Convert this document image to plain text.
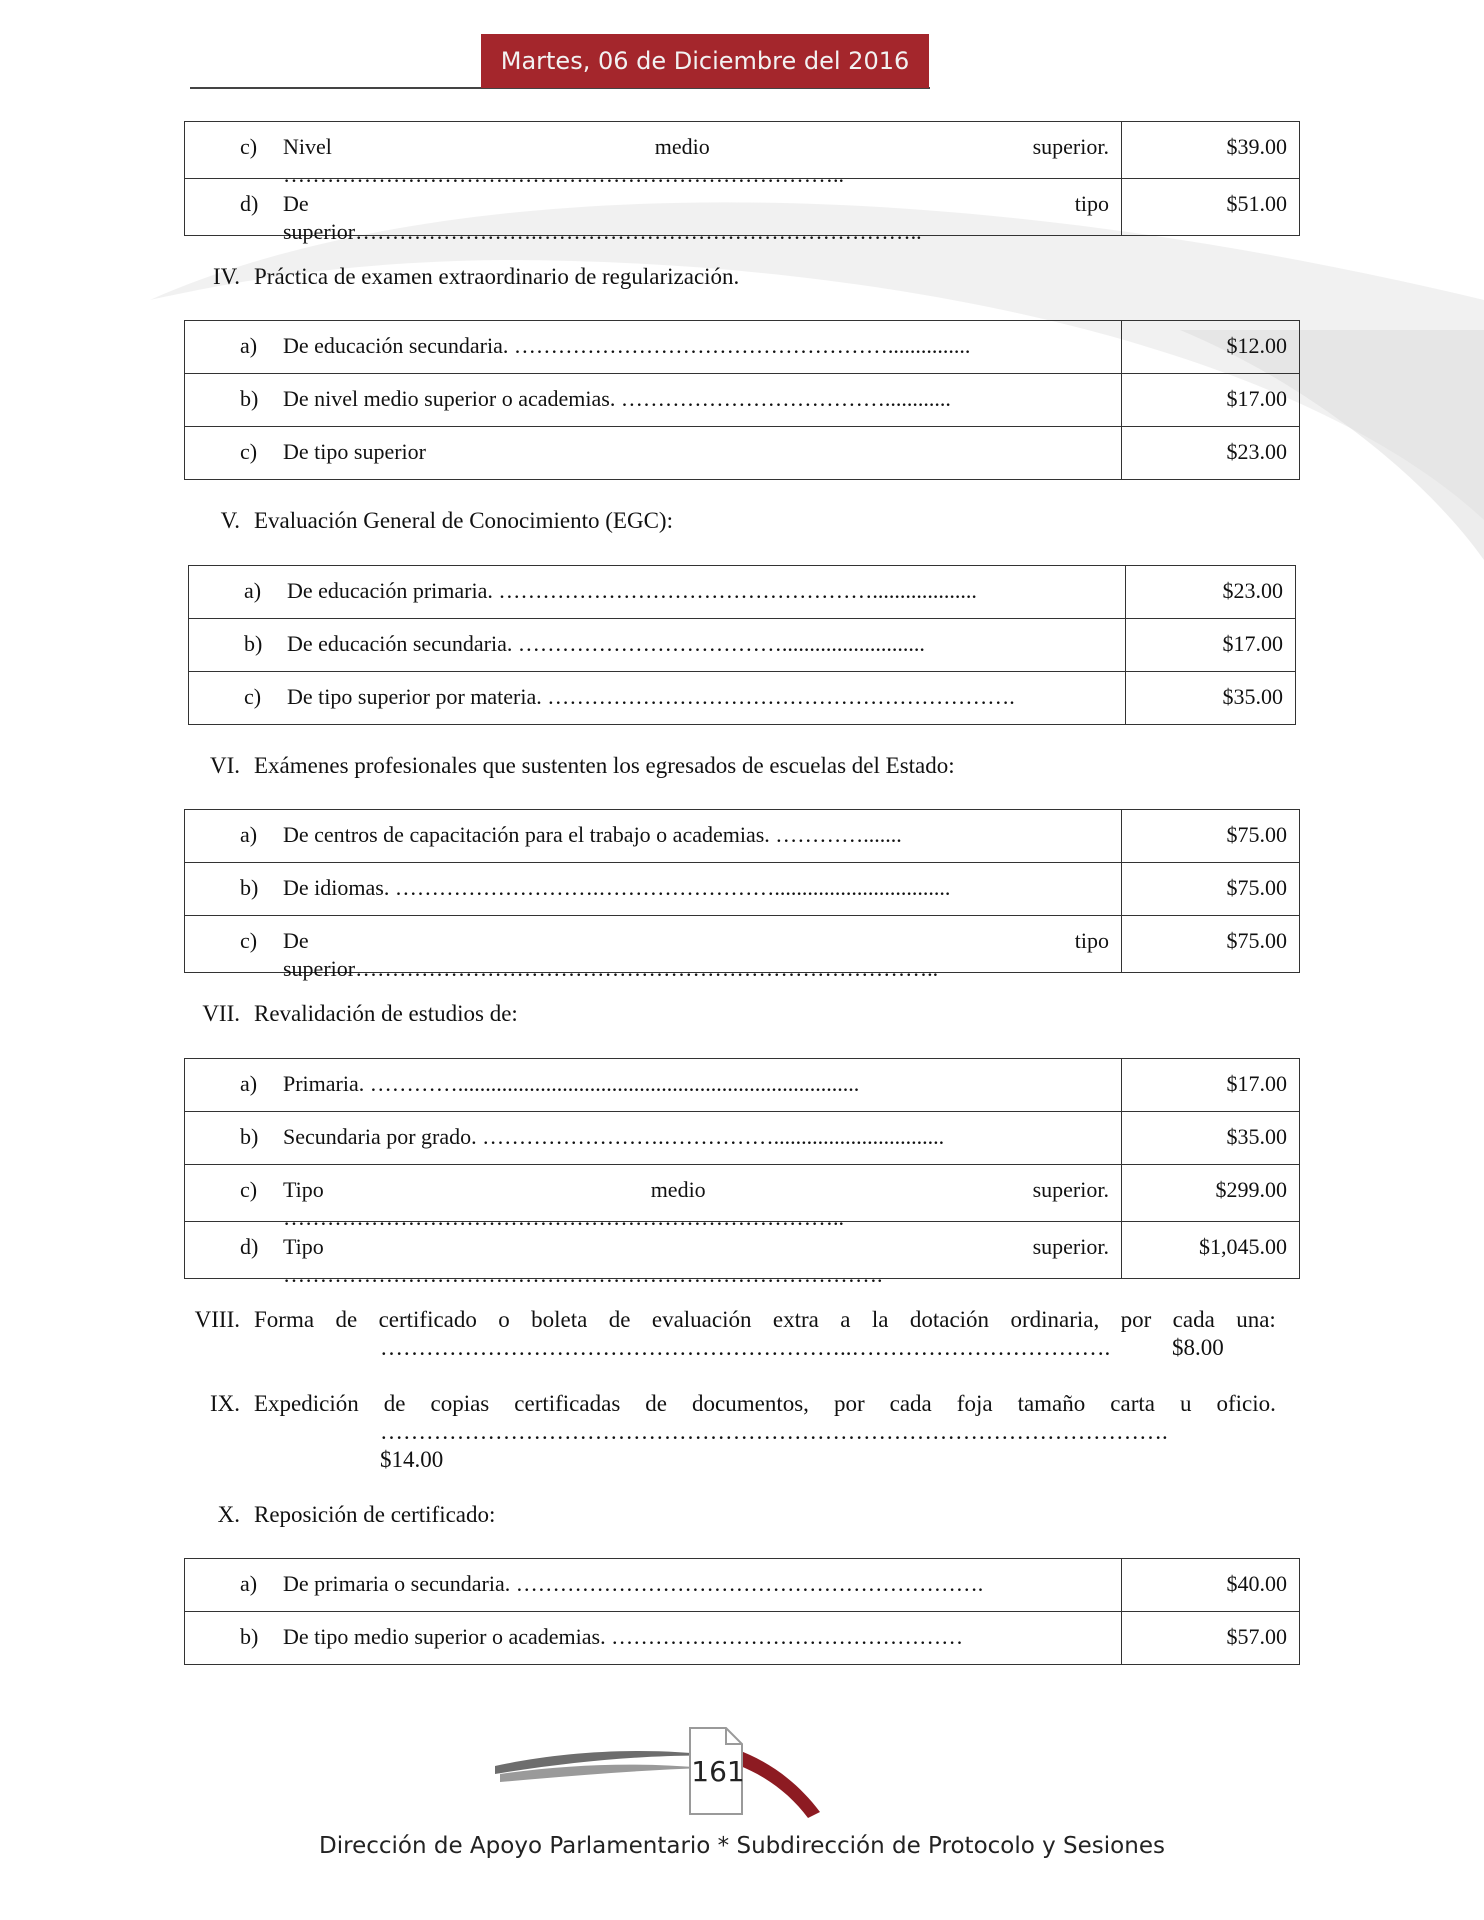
Martes, 06 de Diciembre del 2016
c) Nivel medio superior.
…………………………………………………………………..	$39.00

d) De tipo
superior…………………….……………………………………………..	$51.00
IV. Práctica de examen extraordinario de regularización.
a) De educación secundaria. ……………………………………………...............	$12.00

b) De nivel medio superior o academias. ………………………………............	$17.00

c) De tipo superior	$23.00
V. Evaluación General de Conocimiento (EGC):
a) De educación primaria. ……………………………………………...................	$23.00

b) De educación secundaria. ………………………………..........................	$17.00

c) De tipo superior por materia. ……………………………………………………….	$35.00
VI. Exámenes profesionales que sustenten los egresados de escuelas del Estado:
a) De centros de capacitación para el trabajo o academias. ………….......	$75.00

b) De idiomas. ……………………….……………………................................	$75.00

c) De tipo
superior……………………………………………………………………..	$75.00
VII. Revalidación de estudios de:
a) Primaria. ………….........................................................................	$17.00

b) Secundaria por grado. …………………….……………...............................	$35.00

c) Tipo medio superior.
…………………………………………………………………..	$299.00

d) Tipo superior.
……………………………………………………………………….	$1,045.00
VIII. Forma de certificado o boleta de evaluación extra a la dotación ordinaria, por cada una:
……………………………………………………..…………………………….	$8.00
IX. Expedición de copias certificadas de documentos, por cada foja tamaño carta u oficio.
………………………………………………………………………………………….
$14.00
X. Reposición de certificado:
a) De primaria o secundaria. ……………………………………………………….	$40.00

b) De tipo medio superior o academias. …………………………………………	$57.00
161
Dirección de Apoyo Parlamentario * Subdirección de Protocolo y Sesiones
